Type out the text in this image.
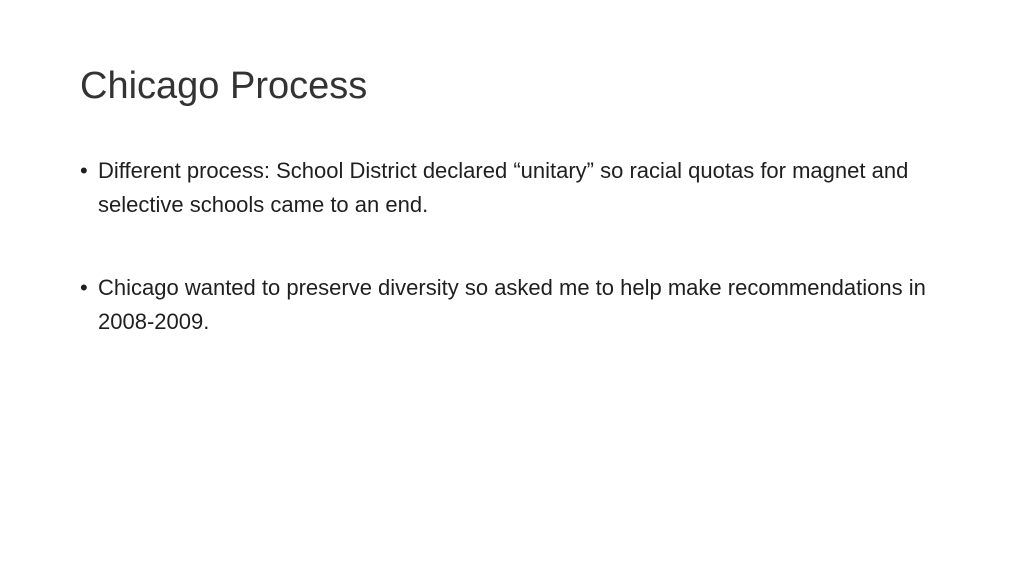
Chicago Process
• Different process: School District declared “unitary” so racial quotas for magnet and selective schools came to an end.
• Chicago wanted to preserve diversity so asked me to help make recommendations in 2008-2009.
